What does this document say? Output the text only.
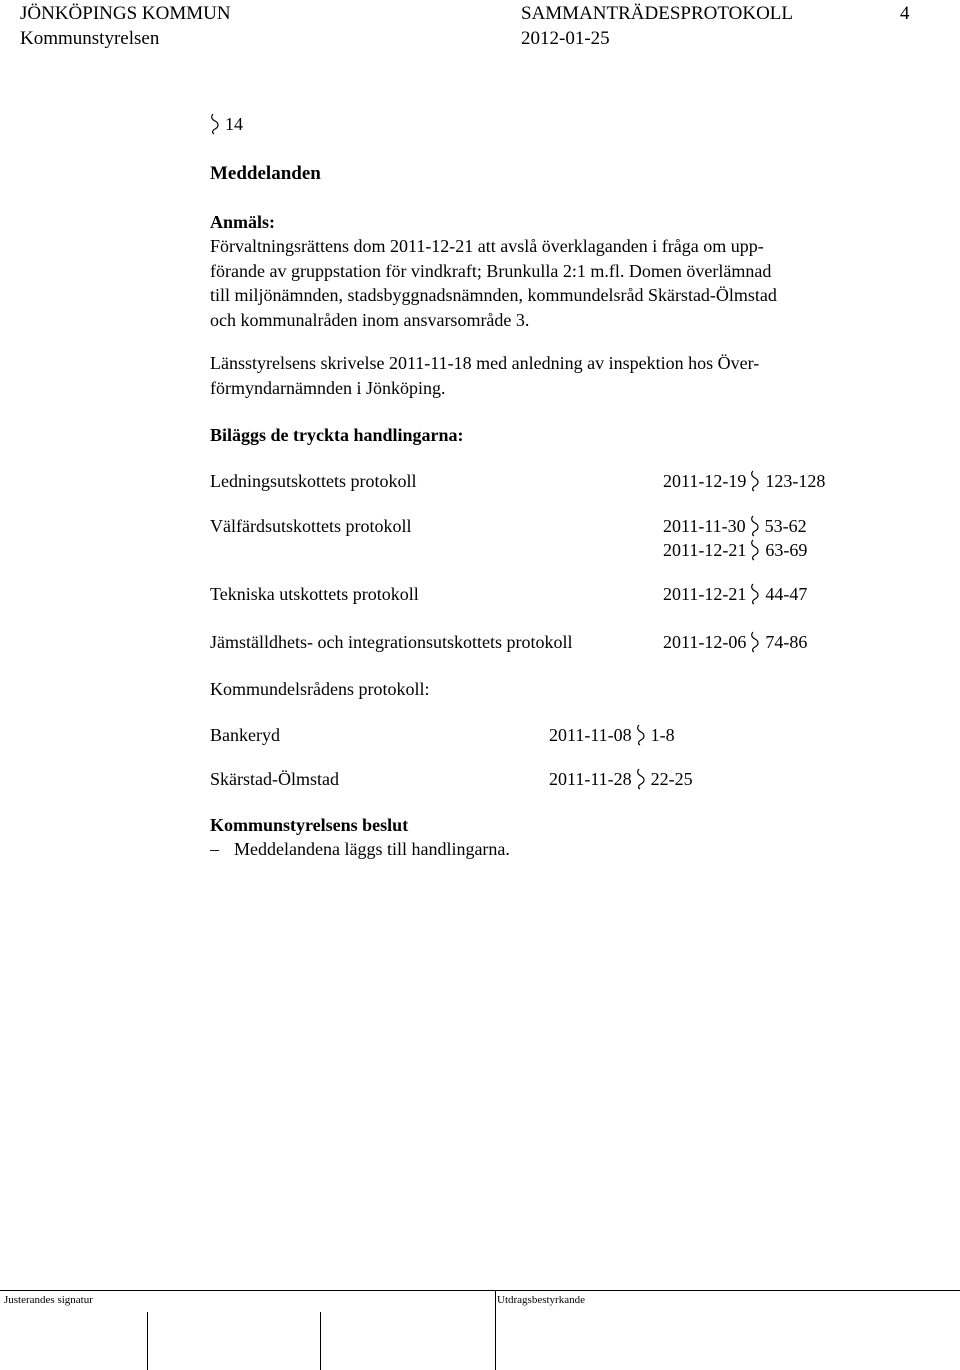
JÖNKÖPINGS KOMMUN	SAMMANTRÄDESPROTOKOLL	4
Kommunstyrelsen	2012-01-25
14
Meddelanden
Anmäls:
Förvaltningsrättens dom 2011-12-21 att avslå överklaganden i fråga om upp-
förande av gruppstation för vindkraft; Brunkulla 2:1 m.fl. Domen överlämnad
till miljönämnden, stadsbyggnadsnämnden, kommundelsråd Skärstad-Ölmstad
och kommunalråden inom ansvarsområde 3.
Länsstyrelsens skrivelse 2011-11-18 med anledning av inspektion hos Över-
förmyndarnämnden i Jönköping.
Biläggs de tryckta handlingarna:
Ledningsutskottets protokoll	2011-12-19 123-128
Välfärdsutskottets protokoll	2011-11-30 53-62
2011-12-21 63-69
Tekniska utskottets protokoll	2011-12-21 44-47
Jämställdhets- och integrationsutskottets protokoll	2011-12-06 74-86
Kommundelsrådens protokoll:
Bankeryd	2011-11-08 1-8
Skärstad-Ölmstad	2011-11-28 22-25
Kommunstyrelsens beslut
– Meddelandena läggs till handlingarna.
Justerandes signatur	Utdragsbestyrkande
